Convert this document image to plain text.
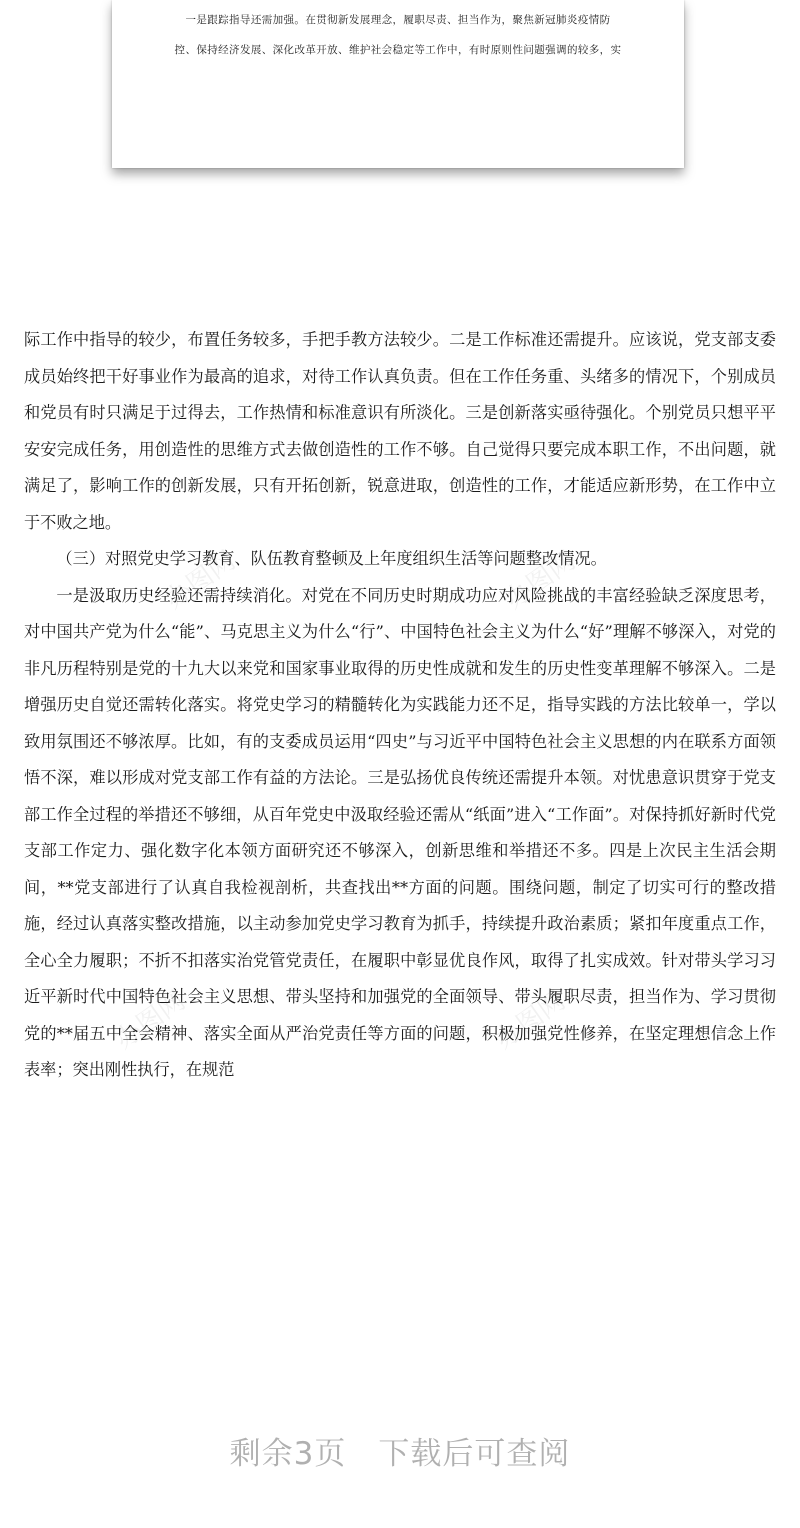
一是跟踪指导还需加强。在贯彻新发展理念，履职尽责、担当作为，聚焦新冠肺炎疫情防
控、保持经济发展、深化改革开放、维护社会稳定等工作中，有时原则性问题强调的较多，实
办图网	办图网
办图网	办图网

际工作中指导的较少，布置任务较多，手把手教方法较少。二是工作标准还需提升。应该说，党支部支委成员始终把干好事业作为最高的追求，对待工作认真负责。但在工作任务重、头绪多的情况下，个别成员和党员有时只满足于过得去，工作热情和标准意识有所淡化。三是创新落实亟待强化。个别党员只想平平安安完成任务，用创造性的思维方式去做创造性的工作不够。自己觉得只要完成本职工作，不出问题，就满足了，影响工作的创新发展，只有开拓创新，锐意进取，创造性的工作，才能适应新形势，在工作中立于不败之地。

（三）对照党史学习教育、队伍教育整顿及上年度组织生活等问题整改情况。

一是汲取历史经验还需持续消化。对党在不同历史时期成功应对风险挑战的丰富经验缺乏深度思考，对中国共产党为什么“能”、马克思主义为什么“行”、中国特色社会主义为什么“好”理解不够深入，对党的非凡历程特别是党的十九大以来党和国家事业取得的历史性成就和发生的历史性变革理解不够深入。二是增强历史自觉还需转化落实。将党史学习的精髓转化为实践能力还不足，指导实践的方法比较单一，学以致用氛围还不够浓厚。比如，有的支委成员运用“四史”与习近平中国特色社会主义思想的内在联系方面领悟不深，难以形成对党支部工作有益的方法论。三是弘扬优良传统还需提升本领。对忧患意识贯穿于党支部工作全过程的举措还不够细，从百年党史中汲取经验还需从“纸面”进入“工作面”。对保持抓好新时代党支部工作定力、强化数字化本领方面研究还不够深入，创新思维和举措还不多。四是上次民主生活会期间，**党支部进行了认真自我检视剖析，共查找出**方面的问题。围绕问题，制定了切实可行的整改措施，经过认真落实整改措施，以主动参加党史学习教育为抓手，持续提升政治素质；紧扣年度重点工作，全心全力履职；不折不扣落实治党管党责任，在履职中彰显优良作风，取得了扎实成效。针对带头学习习近平新时代中国特色社会主义思想、带头坚持和加强党的全面领导、带头履职尽责，担当作为、学习贯彻党的**届五中全会精神、落实全面从严治党责任等方面的问题，积极加强党性修养，在坚定理想信念上作表率；突出刚性执行，在规范

剩余3页 下载后可查阅
